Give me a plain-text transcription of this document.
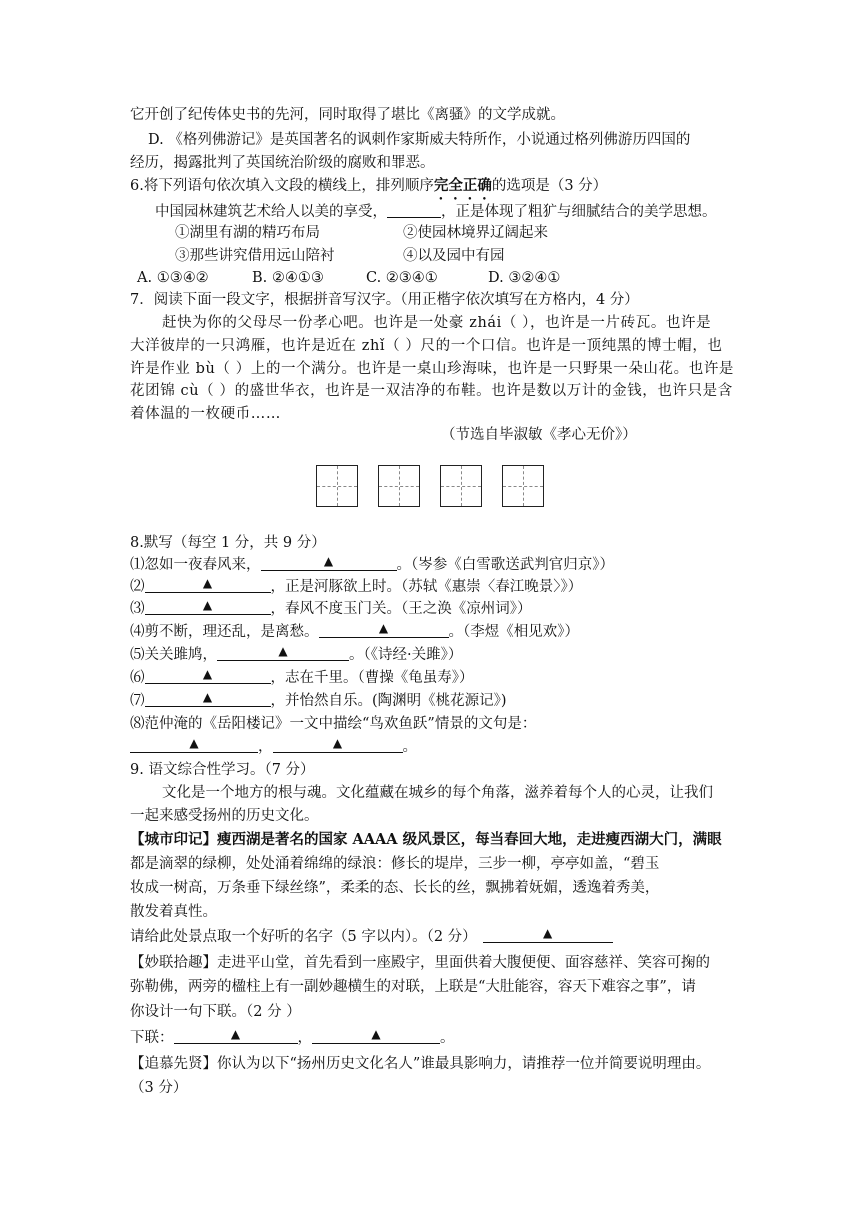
它开创了纪传体史书的先河，同时取得了堪比《离骚》的文学成就。
D. 《格列佛游记》是英国著名的讽刺作家斯威夫特所作，小说通过格列佛游历四国的
经历，揭露批判了英国统治阶级的腐败和罪恶。
6.将下列语句依次填入文段的横线上，排列顺序完全正确的选项是（3 分）
中国园林建筑艺术给人以美的享受，	，正是体现了粗犷与细腻结合的美学思想。
①湖里有湖的精巧布局	②使园林境界辽阔起来
③那些讲究借用远山陪衬	④以及园中有园
A. ①③④②	B. ②④①③	C. ②③④①	D. ③②④①
7．阅读下面一段文字，根据拼音写汉字。（用正楷字依次填写在方格内，4 分）
赶快为你的父母尽一份孝心吧。也许是一处豪 zhái（ ），也许是一片砖瓦。也许是
大洋彼岸的一只鸿雁，也许是近在 zhǐ（ ）尺的一个口信。也许是一顶纯黑的博士帽，也
许是作业 bù（ ）上的一个满分。也许是一桌山珍海味，也许是一只野果一朵山花。也许是
花团锦 cù（ ）的盛世华衣，也许是一双洁净的布鞋。也许是数以万计的金钱，也许只是含
着体温的一枚硬币……
（节选自毕淑敏《孝心无价》）
8.默写（每空 1 分，共 9 分）
⑴忽如一夜春风来，	▲	。（岑参《白雪歌送武判官归京》）
⑵	▲	，正是河豚欲上时。（苏轼《惠崇〈春江晚景〉》）
⑶	▲	，春风不度玉门关。（王之涣《凉州词》）
⑷剪不断，理还乱，是离愁。	▲	。（李煜《相见欢》）
⑸关关雎鸠，	▲	。（《诗经·关雎》）
⑹	▲	，志在千里。（曹操《龟虽寿》）
⑺	▲	，并怡然自乐。(陶渊明《桃花源记》)
⑻范仲淹的《岳阳楼记》一文中描绘“鸟欢鱼跃”情景的文句是：
▲	，	▲	。
9. 语文综合性学习。（7 分）
文化是一个地方的根与魂。文化蕴藏在城乡的每个角落，滋养着每个人的心灵，让我们
一起来感受扬州的历史文化。
【城市印记】瘦西湖是著名的国家 AAAA 级风景区，每当春回大地，走进瘦西湖大门，满眼
都是滴翠的绿柳，处处涌着绵绵的绿浪：修长的堤岸，三步一柳，亭亭如盖，“碧玉
妆成一树高，万条垂下绿丝绦”，柔柔的态、长长的丝，飘拂着妩媚，透逸着秀美，
散发着真性。
请给此处景点取一个好听的名字（5 字以内）。（2 分）	▲
【妙联拾趣】走进平山堂，首先看到一座殿宇，里面供着大腹便便、面容慈祥、笑容可掬的
弥勒佛，两旁的楹柱上有一副妙趣横生的对联，上联是“大肚能容，容天下难容之事”，请
你设计一句下联。（2 分 ）
下联：	▲	，	▲	。
【追慕先贤】你认为以下“扬州历史文化名人”谁最具影响力，请推荐一位并简要说明理由。
（3 分）
